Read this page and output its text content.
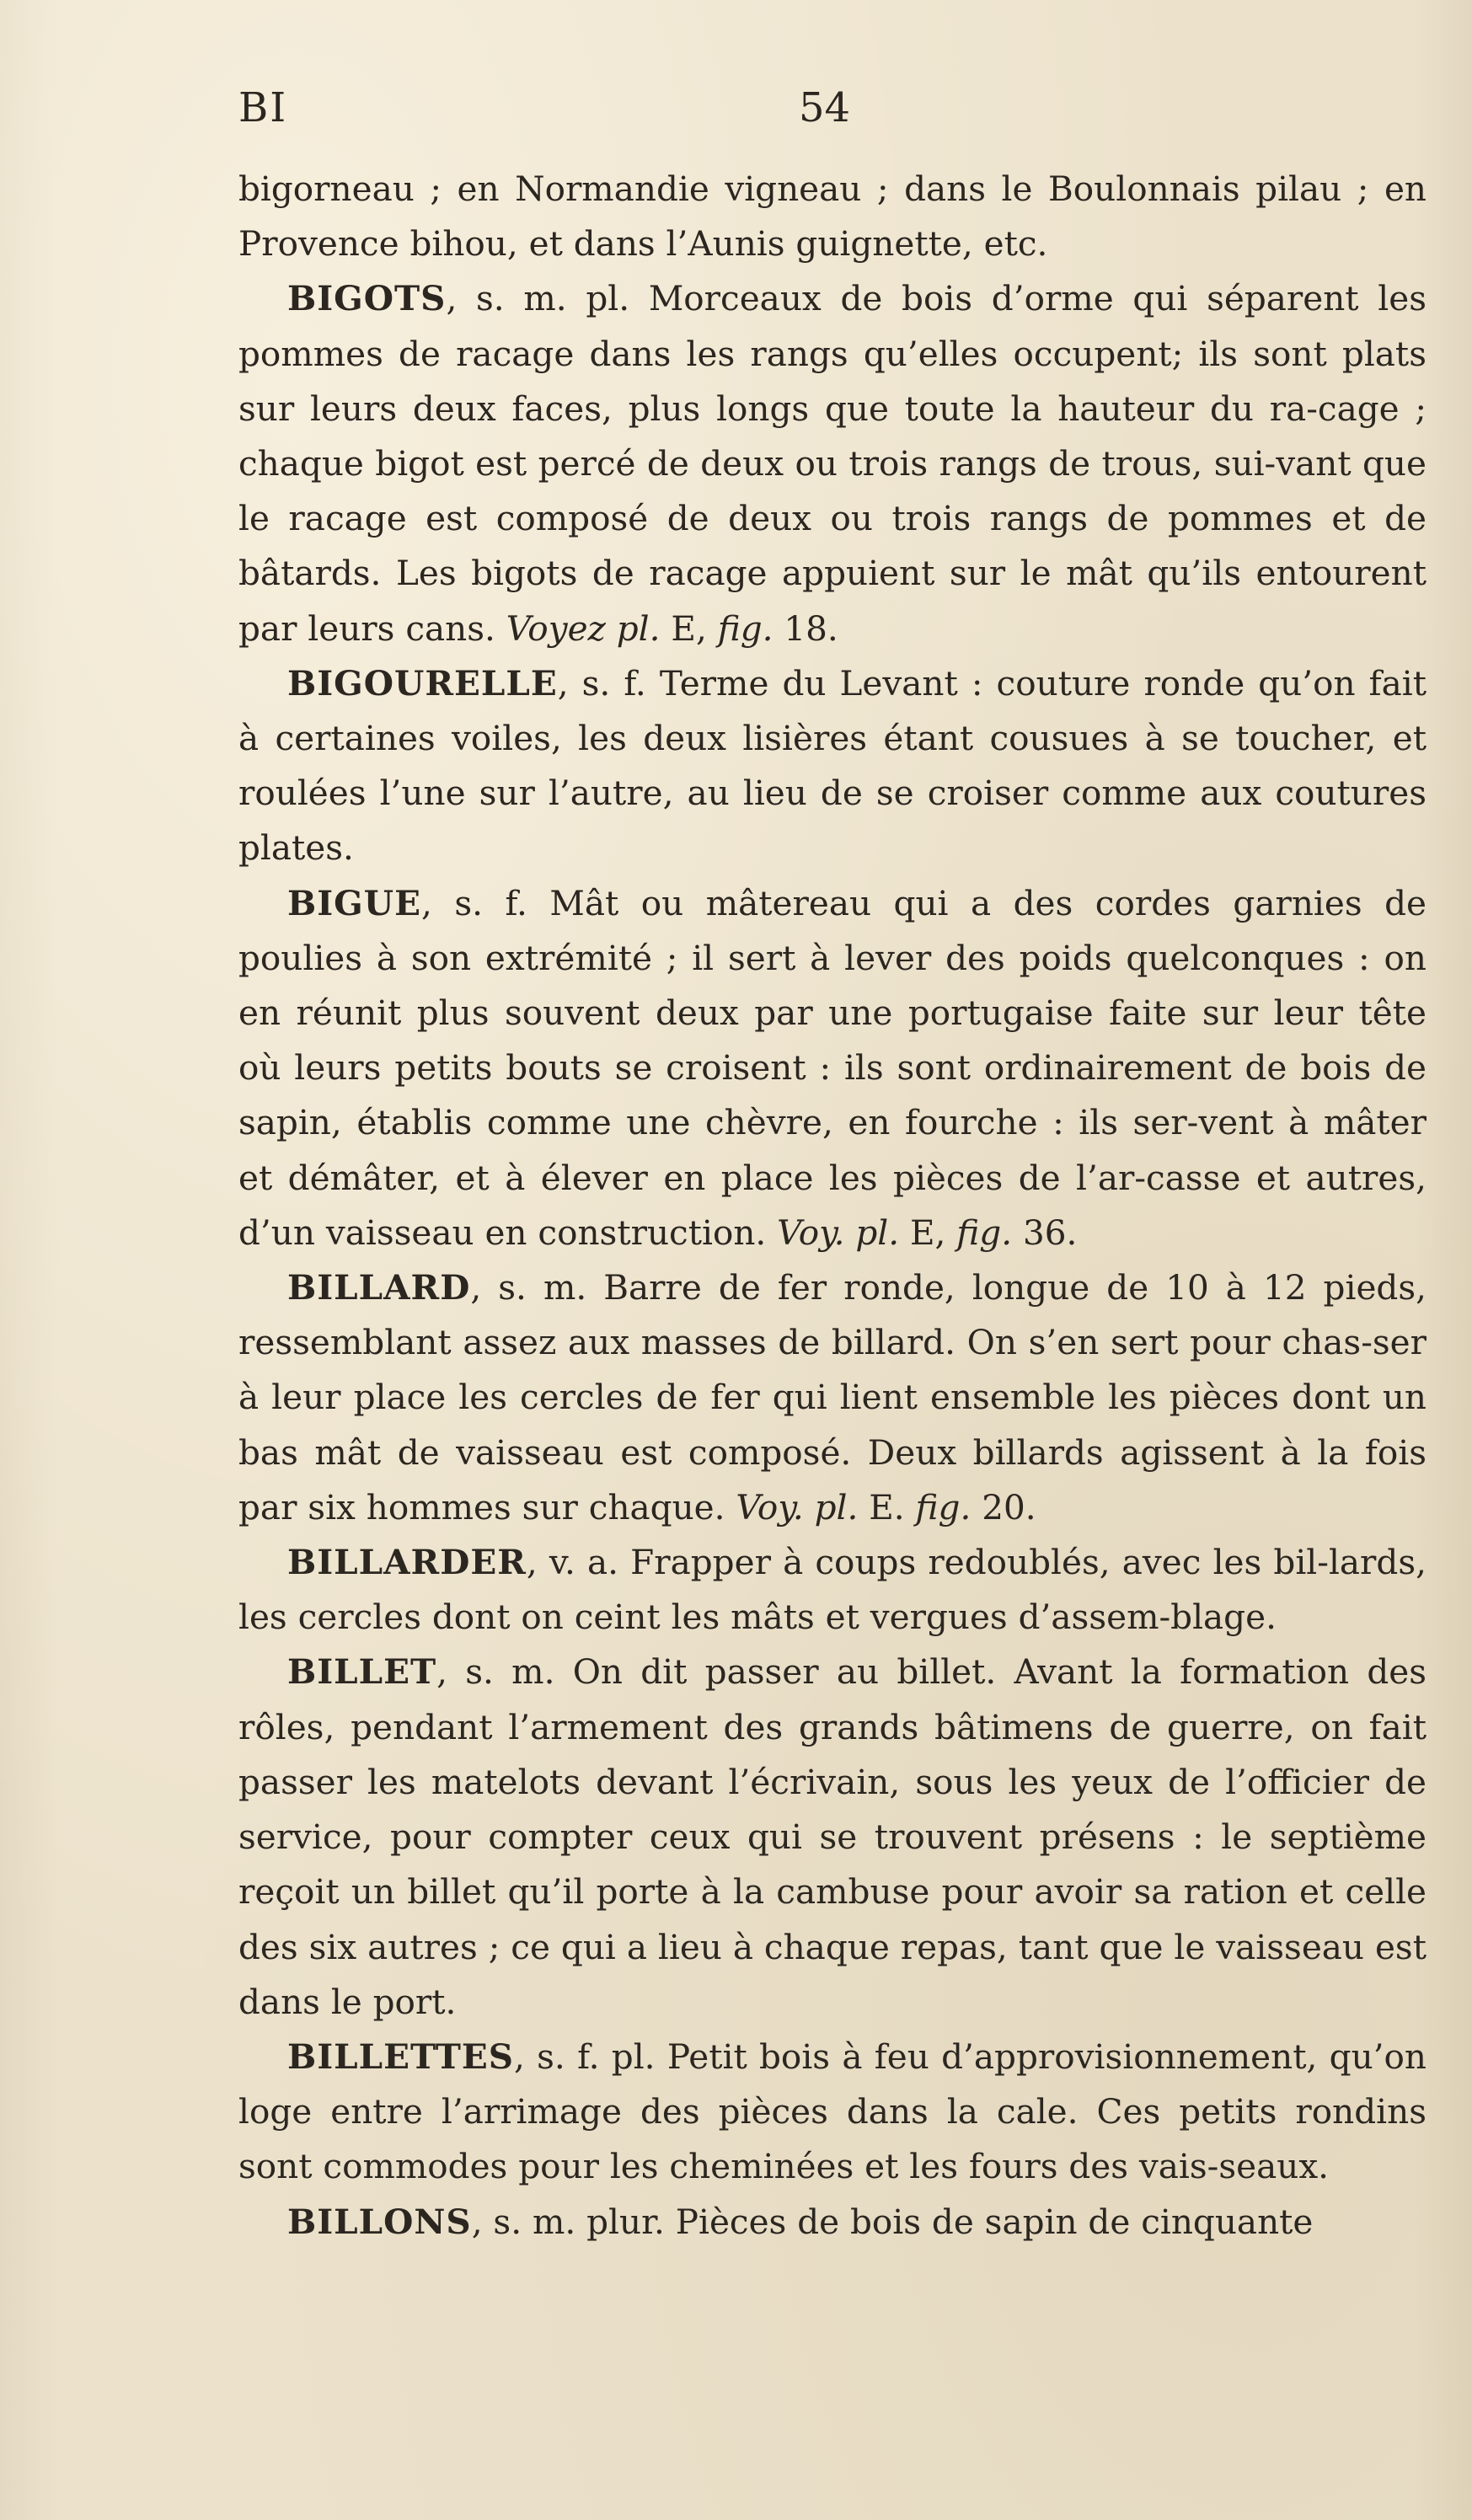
BI	54

bigorneau ; en Normandie vigneau ; dans le Boulonnais pilau ; en Provence bihou, et dans l’Aunis guignette, etc.

BIGOTS, s. m. pl. Morceaux de bois d’orme qui séparent les pommes de racage dans les rangs qu’elles occupent; ils sont plats sur leurs deux faces, plus longs que toute la hauteur du ra-cage ; chaque bigot est percé de deux ou trois rangs de trous, sui-vant que le racage est composé de deux ou trois rangs de pommes et de bâtards. Les bigots de racage appuient sur le mât qu’ils entourent par leurs cans. Voyez pl. E, fig. 18.

BIGOURELLE, s. f. Terme du Levant : couture ronde qu’on fait à certaines voiles, les deux lisières étant cousues à se toucher, et roulées l’une sur l’autre, au lieu de se croiser comme aux coutures plates.

BIGUE, s. f. Mât ou mâtereau qui a des cordes garnies de poulies à son extrémité ; il sert à lever des poids quelconques : on en réunit plus souvent deux par une portugaise faite sur leur tête où leurs petits bouts se croisent : ils sont ordinairement de bois de sapin, établis comme une chèvre, en fourche : ils ser-vent à mâter et démâter, et à élever en place les pièces de l’ar-casse et autres, d’un vaisseau en construction. Voy. pl. E, fig. 36.

BILLARD, s. m. Barre de fer ronde, longue de 10 à 12 pieds, ressemblant assez aux masses de billard. On s’en sert pour chas-ser à leur place les cercles de fer qui lient ensemble les pièces dont un bas mât de vaisseau est composé. Deux billards agissent à la fois par six hommes sur chaque. Voy. pl. E. fig. 20.

BILLARDER, v. a. Frapper à coups redoublés, avec les bil-lards, les cercles dont on ceint les mâts et vergues d’assem-blage.

BILLET, s. m. On dit passer au billet. Avant la formation des rôles, pendant l’armement des grands bâtimens de guerre, on fait passer les matelots devant l’écrivain, sous les yeux de l’officier de service, pour compter ceux qui se trouvent présens : le septième reçoit un billet qu’il porte à la cambuse pour avoir sa ration et celle des six autres ; ce qui a lieu à chaque repas, tant que le vaisseau est dans le port.

BILLETTES, s. f. pl. Petit bois à feu d’approvisionnement, qu’on loge entre l’arrimage des pièces dans la cale. Ces petits rondins sont commodes pour les cheminées et les fours des vais-seaux.

BILLONS, s. m. plur. Pièces de bois de sapin de cinquante
